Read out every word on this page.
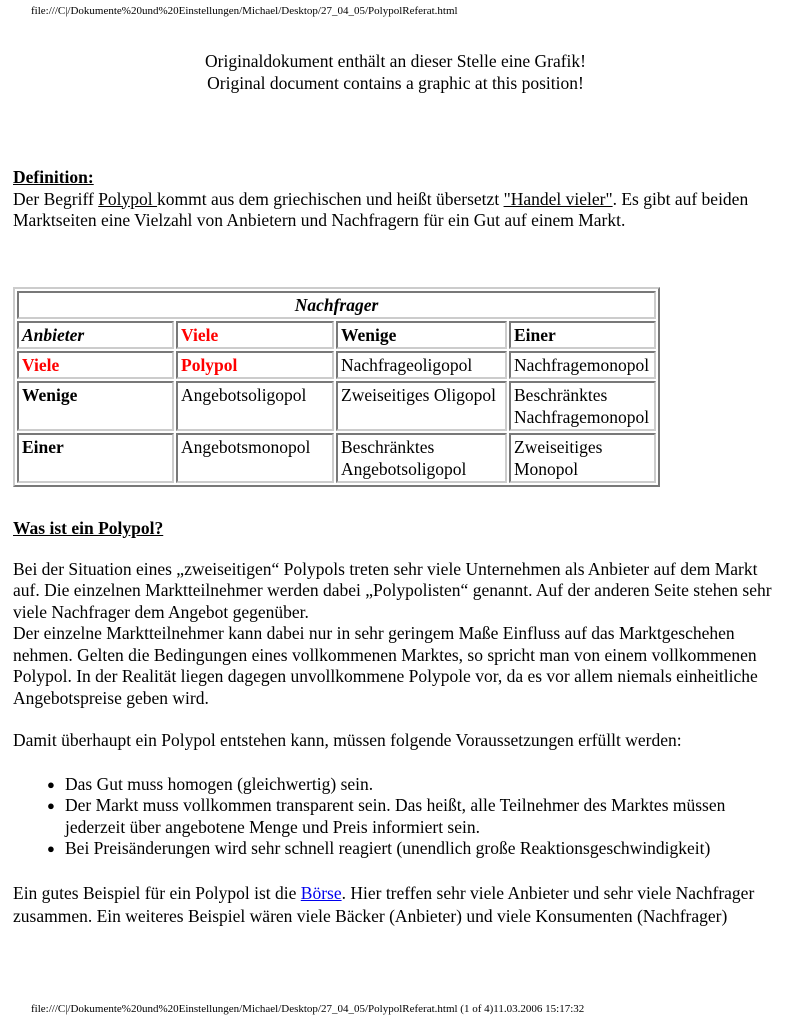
file:///C|/Dokumente%20und%20Einstellungen/Michael/Desktop/27_04_05/PolypolReferat.html
Originaldokument enthält an dieser Stelle eine Grafik!
Original document contains a graphic at this position!
Definition:

Der Begriff Polypol kommt aus dem griechischen und heißt übersetzt "Handel vieler". Es gibt auf beiden Marktseiten eine Vielzahl von Anbietern und Nachfragern für ein Gut auf einem Markt.

Nachfrager			
Anbieter	Viele	Wenige	Einer
Viele	Polypol	Nachfrageoligopol	Nachfragemonopol
Wenige	Angebotsoligopol	Zweiseitiges Oligopol	Beschränktes Nachfragemonopol
Einer	Angebotsmonopol	Beschränktes Angebotsoligopol	Zweiseitiges Monopol
Was ist ein Polypol?

Bei der Situation eines „zweiseitigen“ Polypols treten sehr viele Unternehmen als Anbieter auf dem Markt auf. Die einzelnen Marktteilnehmer werden dabei „Polypolisten“ genannt. Auf der anderen Seite stehen sehr viele Nachfrager dem Angebot gegenüber.

Der einzelne Marktteilnehmer kann dabei nur in sehr geringem Maße Einfluss auf das Marktgeschehen nehmen. Gelten die Bedingungen eines vollkommenen Marktes, so spricht man von einem vollkommenen Polypol. In der Realität liegen dagegen unvollkommene Polypole vor, da es vor allem niemals einheitliche Angebotspreise geben wird.

Damit überhaupt ein Polypol entstehen kann, müssen folgende Voraussetzungen erfüllt werden:

● Das Gut muss homogen (gleichwertig) sein.
● Der Markt muss vollkommen transparent sein. Das heißt, alle Teilnehmer des Marktes müssen jederzeit über angebotene Menge und Preis informiert sein.
● Bei Preisänderungen wird sehr schnell reagiert (unendlich große Reaktionsgeschwindigkeit)

Ein gutes Beispiel für ein Polypol ist die Börse. Hier treffen sehr viele Anbieter und sehr viele Nachfrager zusammen. Ein weiteres Beispiel wären viele Bäcker (Anbieter) und viele Konsumenten (Nachfrager)

file:///C|/Dokumente%20und%20Einstellungen/Michael/Desktop/27_04_05/PolypolReferat.html (1 of 4)11.03.2006 15:17:32
